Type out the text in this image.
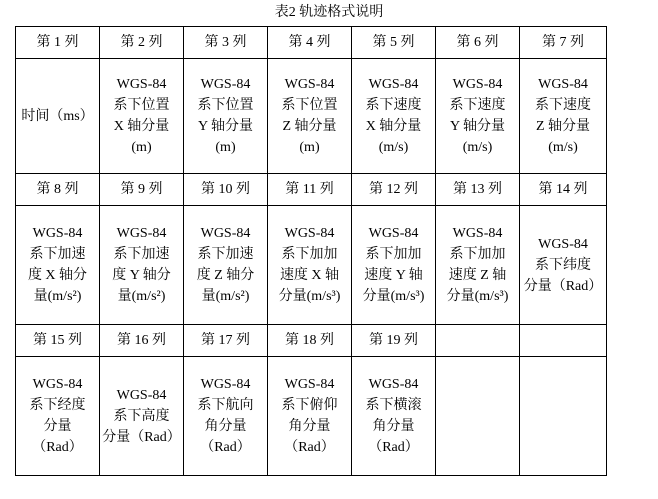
表2 轨迹格式说明
第 1 列	第 2 列	第 3 列	第 4 列	第 5 列	第 6 列	第 7 列

时间（ms）	WGS-84
系下位置
X 轴分量
(m)	WGS-84
系下位置
Y 轴分量
(m)	WGS-84
系下位置
Z 轴分量
(m)	WGS-84
系下速度
X 轴分量
(m/s)	WGS-84
系下速度
Y 轴分量
(m/s)	WGS-84
系下速度
Z 轴分量
(m/s)

第 8 列	第 9 列	第 10 列	第 11 列	第 12 列	第 13 列	第 14 列

WGS-84
系下加速
度 X 轴分
量(m/s²)	WGS-84
系下加速
度 Y 轴分
量(m/s²)	WGS-84
系下加速
度 Z 轴分
量(m/s²)	WGS-84
系下加加
速度 X 轴
分量(m/s³)	WGS-84
系下加加
速度 Y 轴
分量(m/s³)	WGS-84
系下加加
速度 Z 轴
分量(m/s³)	WGS-84
系下纬度
分量（Rad）

第 15 列	第 16 列	第 17 列	第 18 列	第 19 列		

WGS-84
系下经度
分量
（Rad）	WGS-84
系下高度
分量（Rad）	WGS-84
系下航向
角分量
（Rad）	WGS-84
系下俯仰
角分量
（Rad）	WGS-84
系下横滚
角分量
（Rad）		
